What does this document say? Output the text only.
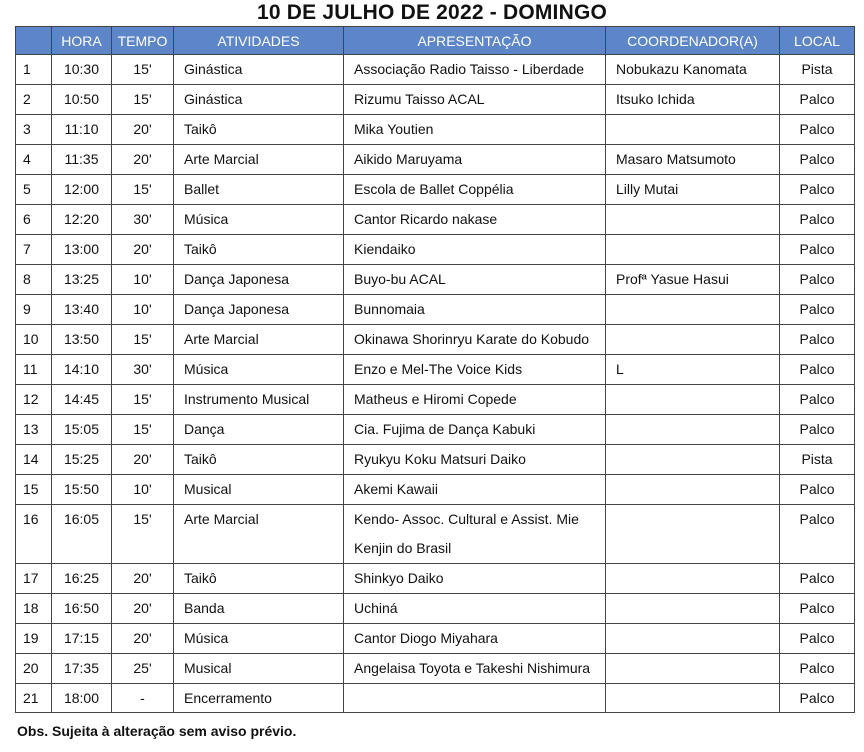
10 DE JULHO DE 2022 - DOMINGO
	HORA	TEMPO	ATIVIDADES	APRESENTAÇÃO	COORDENADOR(A)	LOCAL
1	10:30	15'	Ginástica	Associação Radio Taisso - Liberdade	Nobukazu Kanomata	Pista
2	10:50	15'	Ginástica	Rizumu Taisso ACAL	Itsuko Ichida	Palco
3	11:10	20'	Taikô	Mika Youtien		Palco
4	11:35	20'	Arte Marcial	Aikido Maruyama	Masaro Matsumoto	Palco
5	12:00	15'	Ballet	Escola de Ballet Coppélia	Lilly Mutai	Palco
6	12:20	30'	Música	Cantor Ricardo nakase		Palco
7	13:00	20'	Taikô	Kiendaiko		Palco
8	13:25	10'	Dança Japonesa	Buyo-bu ACAL	Profª Yasue Hasui	Palco
9	13:40	10'	Dança Japonesa	Bunnomaia		Palco
10	13:50	15'	Arte Marcial	Okinawa Shorinryu Karate do Kobudo		Palco
11	14:10	30'	Música	Enzo e Mel-The Voice Kids	L	Palco
12	14:45	15'	Instrumento Musical	Matheus e Hiromi Copede		Palco
13	15:05	15'	Dança	Cia. Fujima de Dança Kabuki		Palco
14	15:25	20'	Taikô	Ryukyu Koku Matsuri Daiko		Pista
15	15:50	10'	Musical	Akemi Kawaii		Palco
16	16:05	15'	Arte Marcial	Kendo- Assoc. Cultural e Assist. Mie Kenjin do Brasil		Palco
17	16:25	20'	Taikô	Shinkyo Daiko		Palco
18	16:50	20'	Banda	Uchiná		Palco
19	17:15	20'	Música	Cantor Diogo Miyahara		Palco
20	17:35	25'	Musical	Angelaisa Toyota e Takeshi Nishimura		Palco
21	18:00	-	Encerramento			Palco
Obs. Sujeita à alteração sem aviso prévio.
